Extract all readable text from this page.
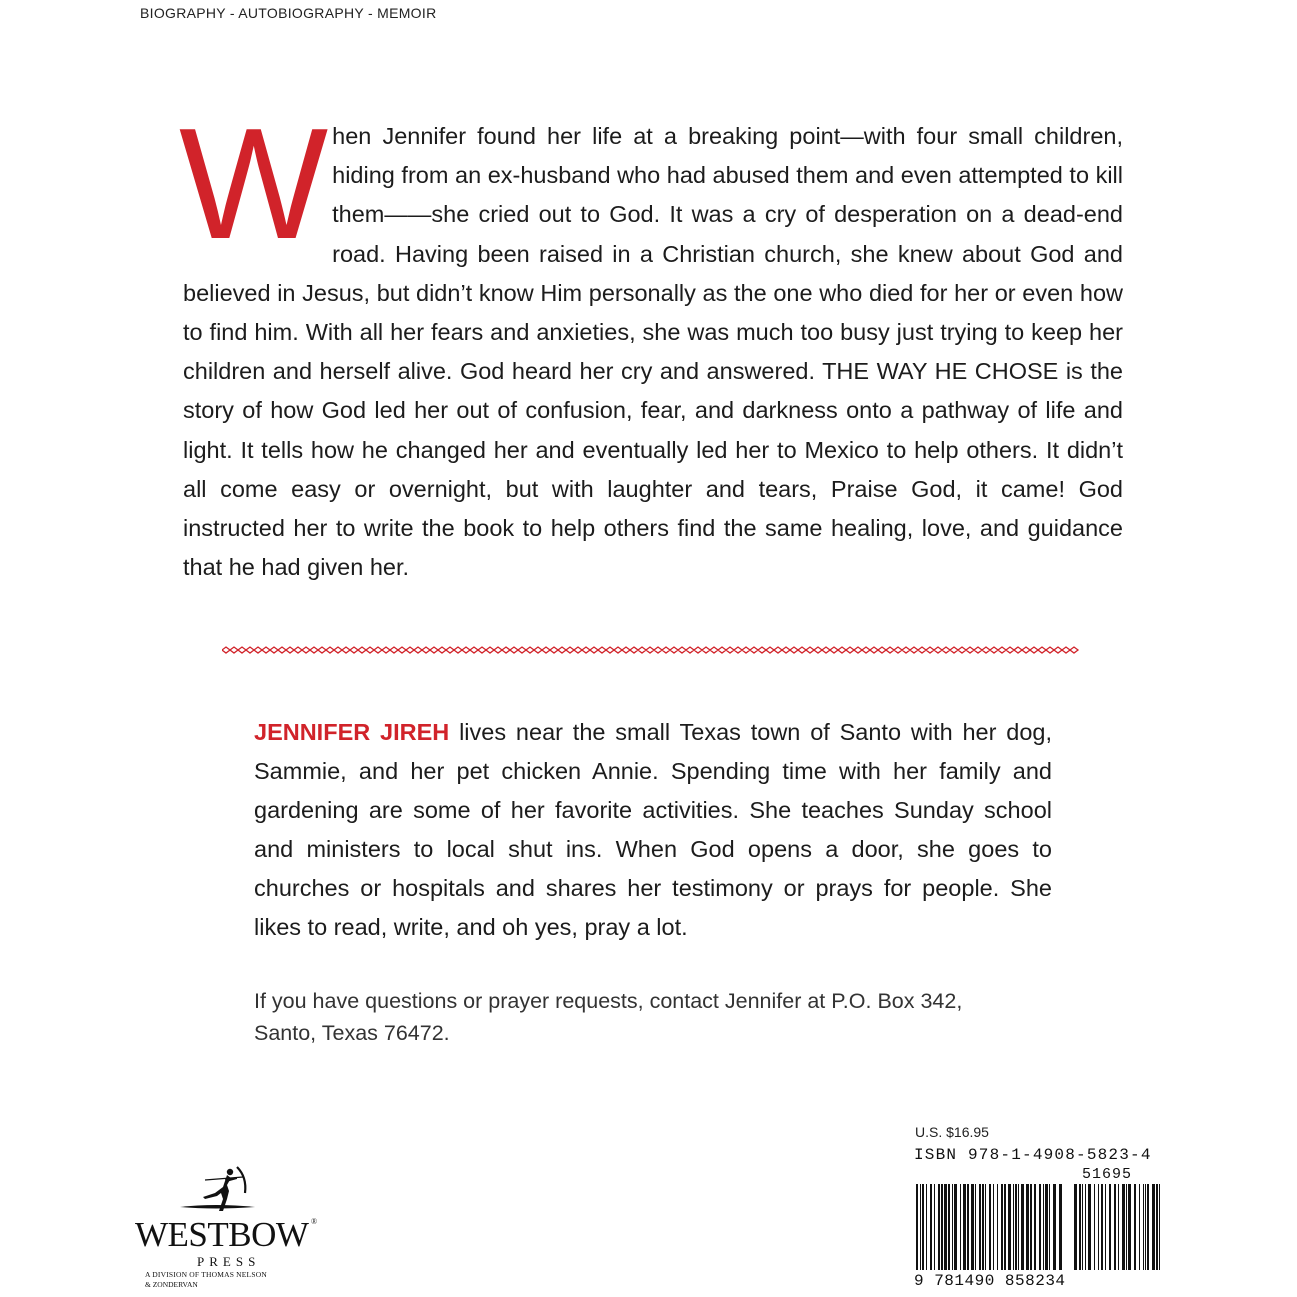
BIOGRAPHY - AUTOBIOGRAPHY - MEMOIR
When Jennifer found her life at a breaking point—with four small children, hiding from an ex-husband who had abused them and even attempted to kill them——she cried out to God. It was a cry of desperation on a dead-end road. Having been raised in a Christian church, she knew about God and believed in Jesus, but didn’t know Him personally as the one who died for her or even how to find him. With all her fears and anxieties, she was much too busy just trying to keep her children and herself alive. God heard her cry and answered. THE WAY HE CHOSE is the story of how God led her out of confusion, fear, and darkness onto a pathway of life and light. It tells how he changed her and eventually led her to Mexico to help others. It didn’t all come easy or overnight, but with laughter and tears, Praise God, it came! God instructed her to write the book to help others find the same healing, love, and guidance that he had given her.
JENNIFER JIREH lives near the small Texas town of Santo with her dog, Sammie, and her pet chicken Annie. Spending time with her family and gardening are some of her favorite activities. She teaches Sunday school and ministers to local shut ins. When God opens a door, she goes to churches or hospitals and shares her testimony or prays for people. She likes to read, write, and oh yes, pray a lot.
If you have questions or prayer requests, contact Jennifer at P.O. Box 342,
Santo, Texas 76472.
WESTBOW ®
PRESS
A DIVISION OF THOMAS NELSON
& ZONDERVAN
U.S. $16.95
ISBN 978-1-4908-5823-4
51695
9 781490 858234
